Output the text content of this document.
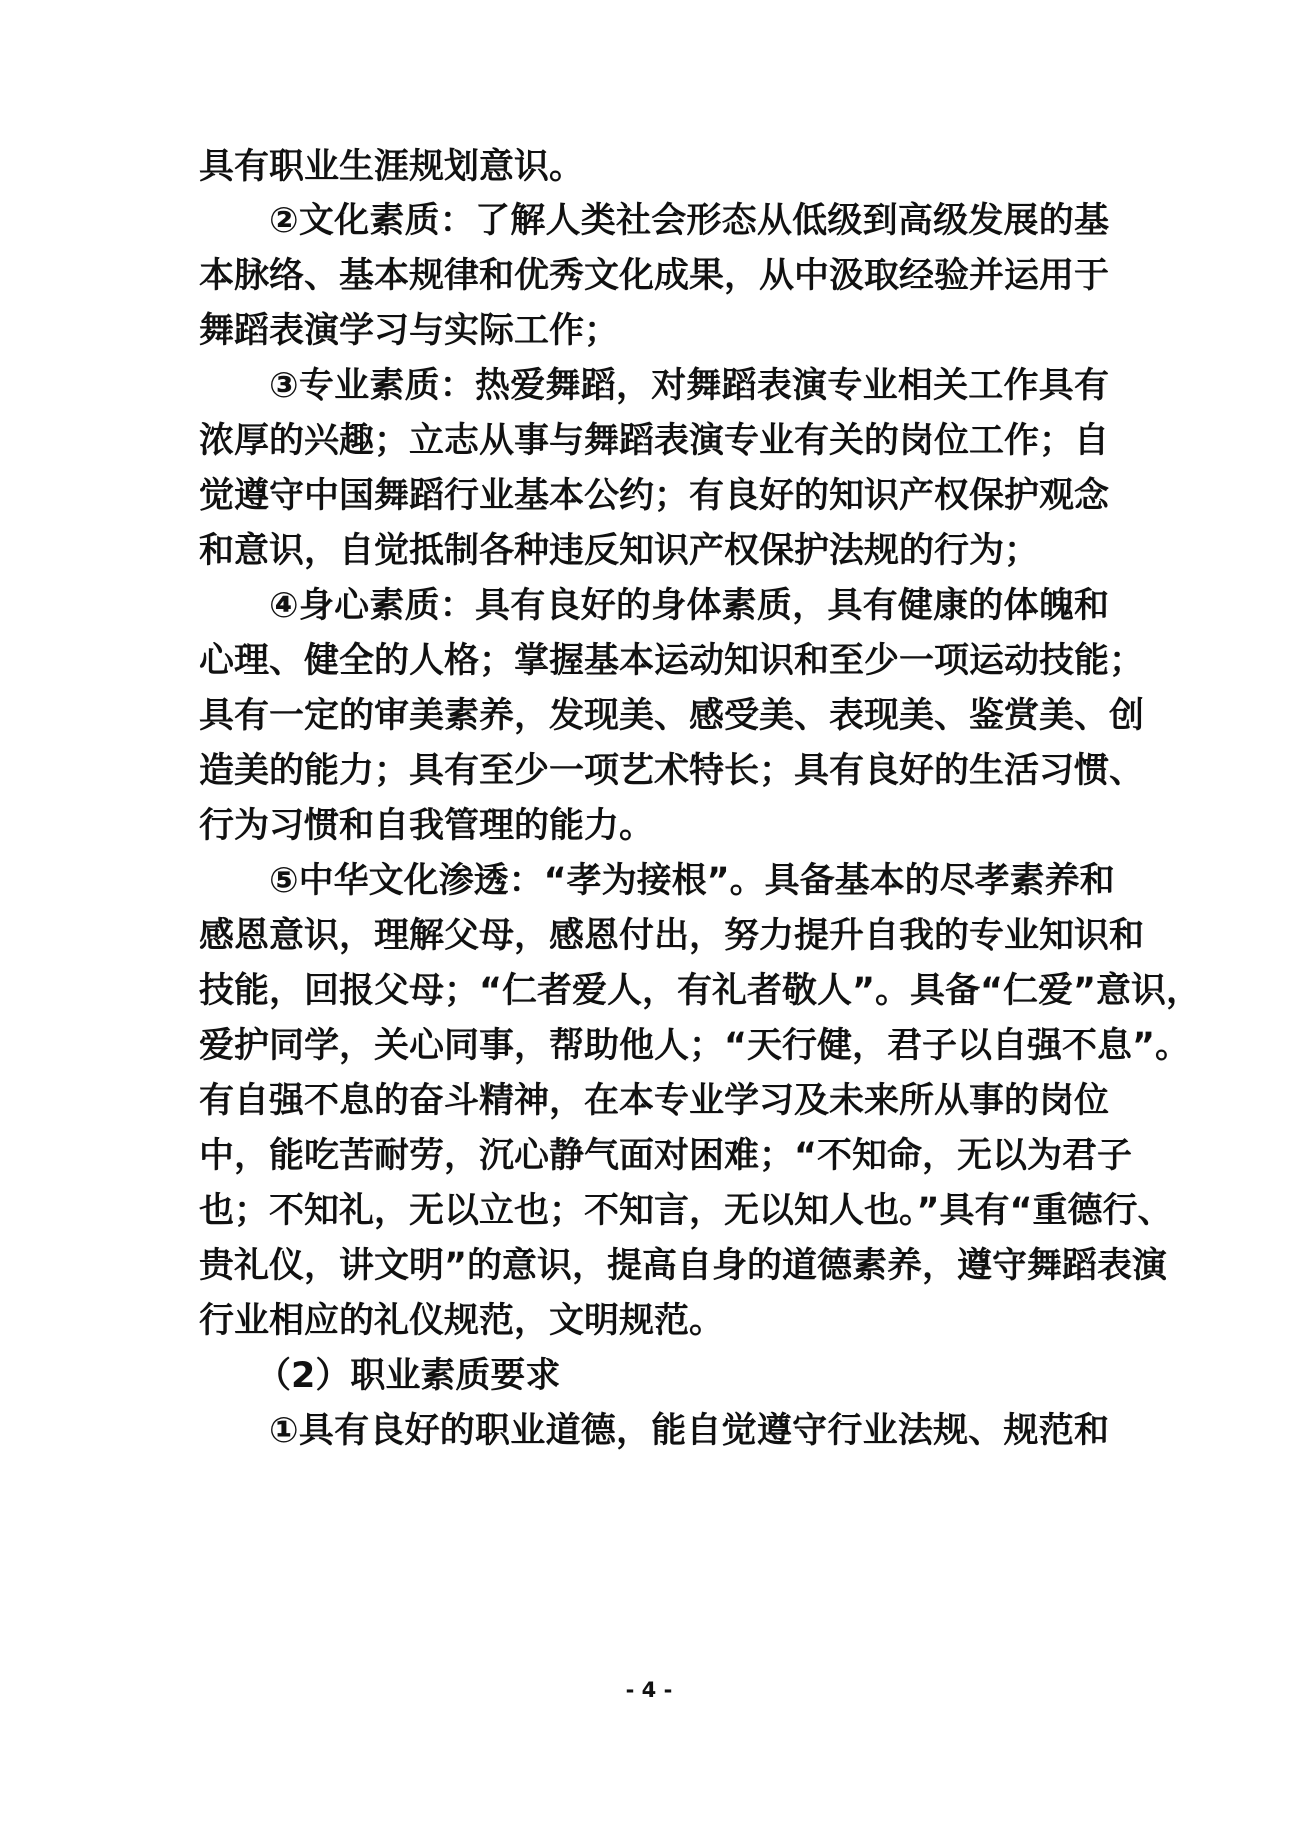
具有职业生涯规划意识。
②文化素质：了解人类社会形态从低级到高级发展的基
本脉络、基本规律和优秀文化成果，从中汲取经验并运用于
舞蹈表演学习与实际工作；
③专业素质：热爱舞蹈，对舞蹈表演专业相关工作具有
浓厚的兴趣；立志从事与舞蹈表演专业有关的岗位工作；自
觉遵守中国舞蹈行业基本公约；有良好的知识产权保护观念
和意识，自觉抵制各种违反知识产权保护法规的行为；
④身心素质：具有良好的身体素质，具有健康的体魄和
心理、健全的人格；掌握基本运动知识和至少一项运动技能；
具有一定的审美素养，发现美、感受美、表现美、鉴赏美、创
造美的能力；具有至少一项艺术特长；具有良好的生活习惯、
行为习惯和自我管理的能力。
⑤中华文化渗透：“孝为接根”。具备基本的尽孝素养和
感恩意识，理解父母，感恩付出，努力提升自我的专业知识和
技能，回报父母；“仁者爱人，有礼者敬人”。具备“仁爱”意识，
爱护同学，关心同事，帮助他人；“天行健，君子以自强不息”。
有自强不息的奋斗精神，在本专业学习及未来所从事的岗位
中，能吃苦耐劳，沉心静气面对困难；“不知命，无以为君子
也；不知礼，无以立也；不知言，无以知人也。”具有“重德行、
贵礼仪，讲文明”的意识，提高自身的道德素养，遵守舞蹈表演
行业相应的礼仪规范，文明规范。
（2）职业素质要求
①具有良好的职业道德，能自觉遵守行业法规、规范和
- 4 -
